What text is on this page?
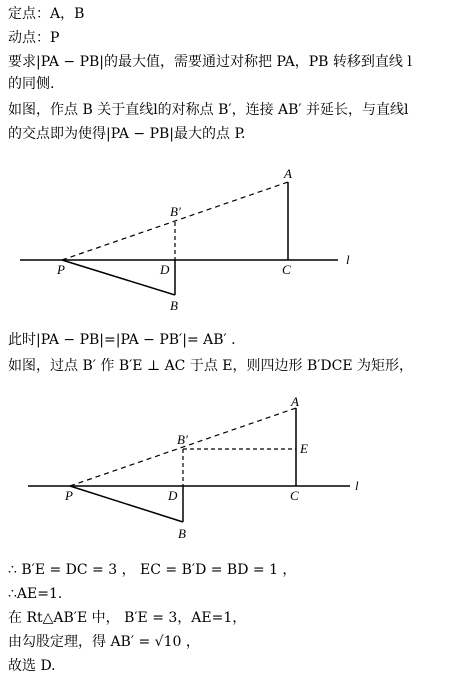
定点：A，B
动点：P
要求|PA − PB|的最大值，需要通过对称把 PA，PB 转移到直线 l
的同侧.
如图，作点 B 关于直线l的对称点 B′，连接 AB′ 并延长，与直线l
的交点即为使得|PA − PB|最大的点 P.
A
B′
P	D	C
B
l
此时|PA − PB|=|PA − PB′|= AB′ .
如图，过点 B′ 作 B′E ⊥ AC 于点 E，则四边形 B′DCE 为矩形，
A
B′
E
P	D	C
B
l
∴ B′E = DC = 3 ， EC = B′D = BD = 1 ，
∴AE=1.
在 Rt△AB′E 中， B′E = 3，AE=1，
由勾股定理，得 AB′ = √10 ，
故选 D.
